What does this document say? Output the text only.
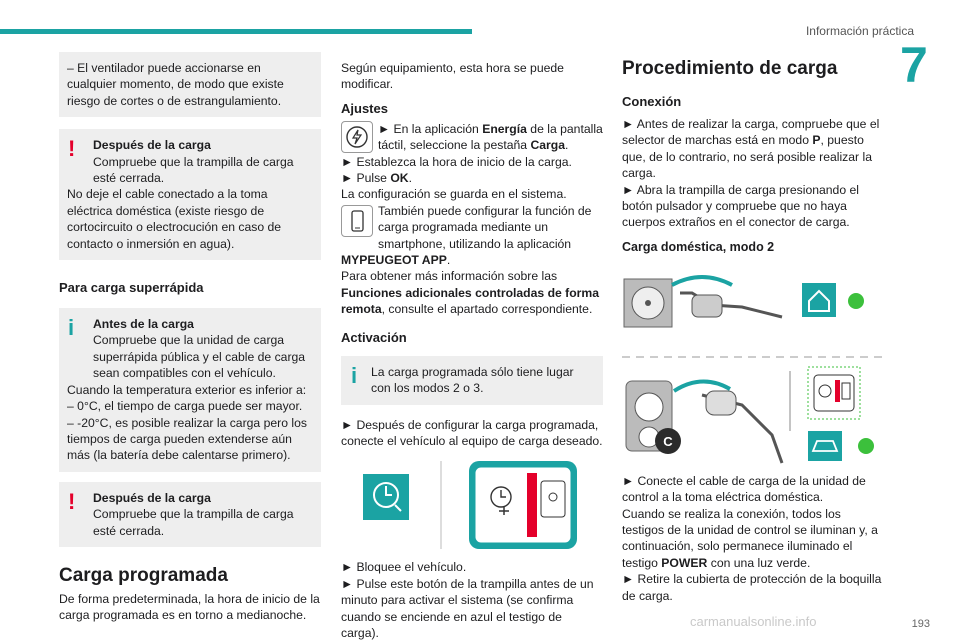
Información práctica
7
– El ventilador puede accionarse en cualquier momento, de modo que existe riesgo de cortes o de estrangulamiento.
! Después de la carga
Compruebe que la trampilla de carga esté cerrada.
No deje el cable conectado a la toma eléctrica doméstica (existe riesgo de cortocircuito o electrocución en caso de contacto o inmersión en agua).
Para carga superrápida
i Antes de la carga
Compruebe que la unidad de carga superrápida pública y el cable de carga sean compatibles con el vehículo.
Cuando la temperatura exterior es inferior a:
– 0°C, el tiempo de carga puede ser mayor.
– -20°C, es posible realizar la carga pero los tiempos de carga pueden extenderse aún más (la batería debe calentarse primero).
! Después de la carga
Compruebe que la trampilla de carga esté cerrada.
Carga programada
De forma predeterminada, la hora de inicio de la carga programada es en torno a medianoche.
Según equipamiento, esta hora se puede modificar.
Ajustes
► En la aplicación Energía de la pantalla táctil, seleccione la pestaña Carga.
► Establezca la hora de inicio de la carga.
► Pulse OK.
La configuración se guarda en el sistema.
También puede configurar la función de carga programada mediante un smartphone, utilizando la aplicación MYPEUGEOT APP.
Para obtener más información sobre las Funciones adicionales controladas de forma remota, consulte el apartado correspondiente.
Activación
i La carga programada sólo tiene lugar con los modos 2 o 3.
► Después de configurar la carga programada, conecte el vehículo al equipo de carga deseado.
► Bloquee el vehículo.
► Pulse este botón de la trampilla antes de un minuto para activar el sistema (se confirma cuando se enciende en azul el testigo de carga).
Procedimiento de carga
Conexión
► Antes de realizar la carga, compruebe que el selector de marchas está en modo P, puesto que, de lo contrario, no será posible realizar la carga.
► Abra la trampilla de carga presionando el botón pulsador y compruebe que no haya cuerpos extraños en el conector de carga.
Carga doméstica, modo 2
C
► Conecte el cable de carga de la unidad de control a la toma eléctrica doméstica.
Cuando se realiza la conexión, todos los testigos de la unidad de control se iluminan y, a continuación, solo permanece iluminado el testigo POWER con una luz verde.
► Retire la cubierta de protección de la boquilla de carga.
carmanualsonline.info	193
